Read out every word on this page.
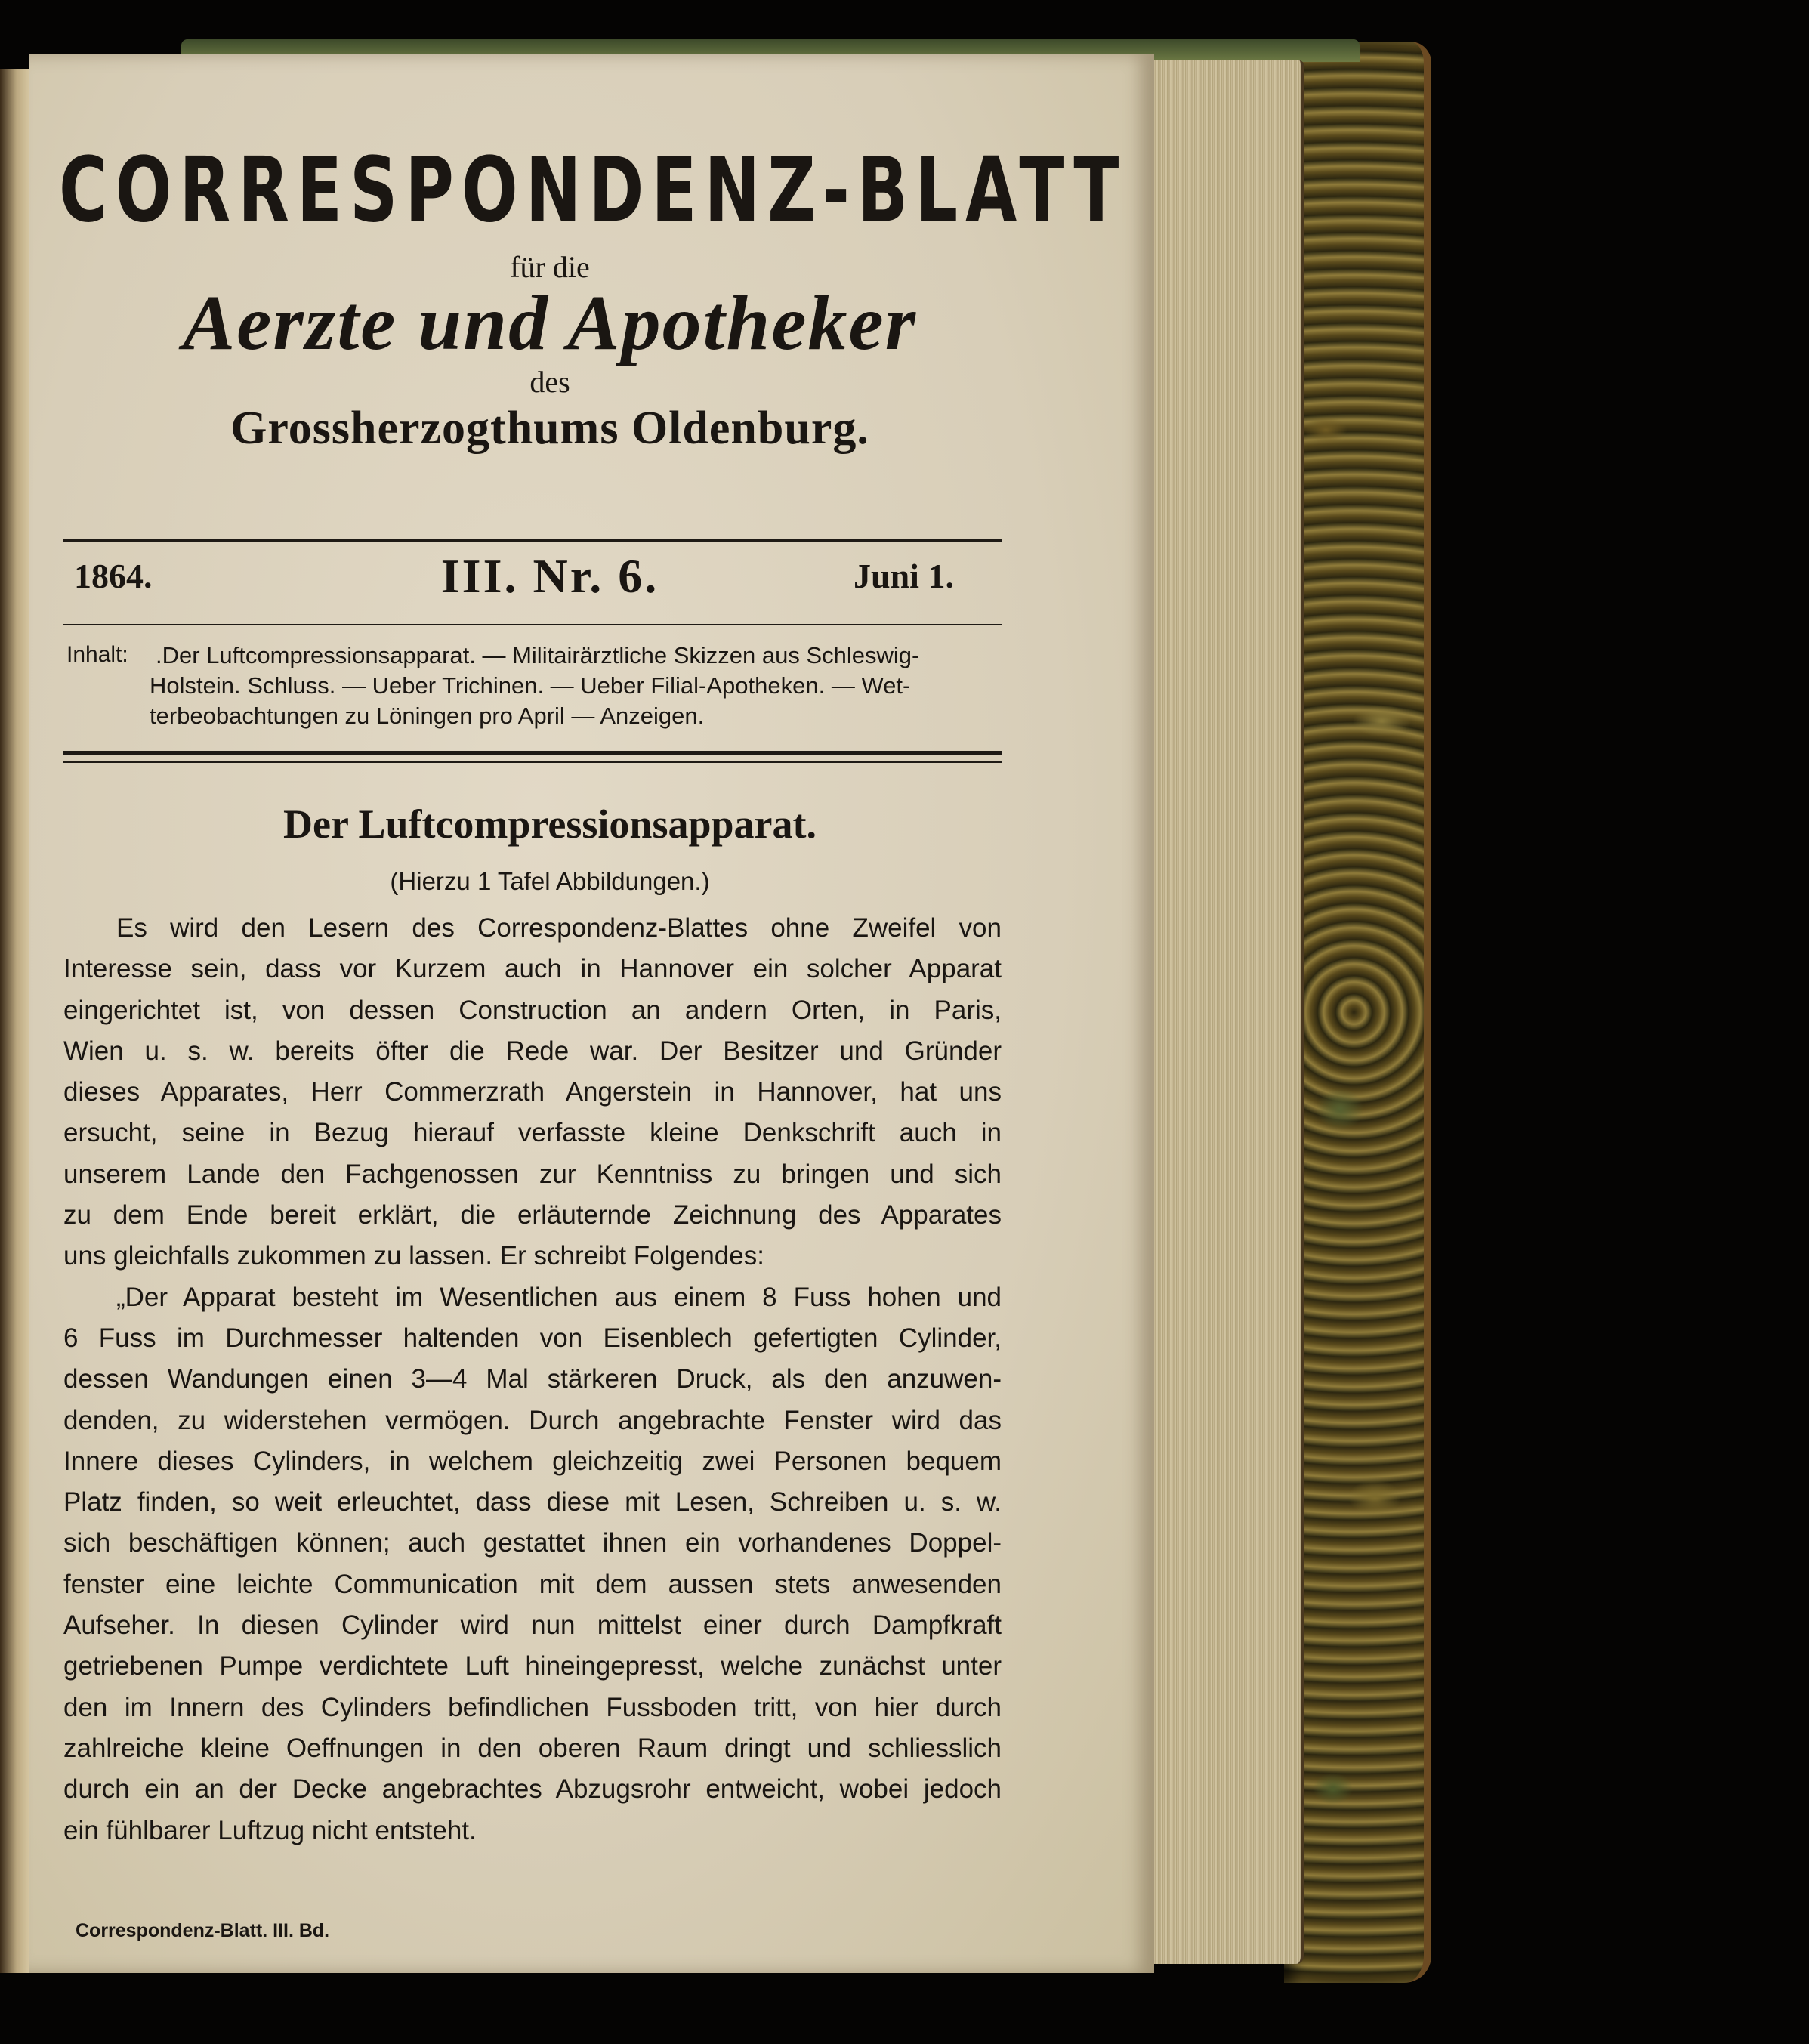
CORRESPONDENZ-BLATT

für die

Aerzte und Apotheker

des

Grossherzogthums Oldenburg.

1864.	III. Nr. 6.	Juni 1.

Inhalt: .Der Luftcompressionsapparat. — Militairärztliche Skizzen aus Schleswig-

Holstein. Schluss. — Ueber Trichinen. — Ueber Filial-Apotheken. — Wet-

terbeobachtungen zu Löningen pro April — Anzeigen.

Der Luftcompressionsapparat.

(Hierzu 1 Tafel Abbildungen.)

Es wird den Lesern des Correspondenz-Blattes ohne Zweifel von
Interesse sein, dass vor Kurzem auch in Hannover ein solcher Apparat
eingerichtet ist, von dessen Construction an andern Orten, in Paris,
Wien u. s. w. bereits öfter die Rede war. Der Besitzer und Gründer
dieses Apparates, Herr Commerzrath Angerstein in Hannover, hat uns
ersucht, seine in Bezug hierauf verfasste kleine Denkschrift auch in
unserem Lande den Fachgenossen zur Kenntniss zu bringen und sich
zu dem Ende bereit erklärt, die erläuternde Zeichnung des Apparates
uns gleichfalls zukommen zu lassen. Er schreibt Folgendes:
„Der Apparat besteht im Wesentlichen aus einem 8 Fuss hohen und
6 Fuss im Durchmesser haltenden von Eisenblech gefertigten Cylinder,
dessen Wandungen einen 3—4 Mal stärkeren Druck, als den anzuwen-
denden, zu widerstehen vermögen. Durch angebrachte Fenster wird das
Innere dieses Cylinders, in welchem gleichzeitig zwei Personen bequem
Platz finden, so weit erleuchtet, dass diese mit Lesen, Schreiben u. s. w.
sich beschäftigen können; auch gestattet ihnen ein vorhandenes Doppel-
fenster eine leichte Communication mit dem aussen stets anwesenden
Aufseher. In diesen Cylinder wird nun mittelst einer durch Dampfkraft
getriebenen Pumpe verdichtete Luft hineingepresst, welche zunächst unter
den im Innern des Cylinders befindlichen Fussboden tritt, von hier durch
zahlreiche kleine Oeffnungen in den oberen Raum dringt und schliesslich
durch ein an der Decke angebrachtes Abzugsrohr entweicht, wobei jedoch
ein fühlbarer Luftzug nicht entsteht.

Correspondenz-Blatt. III. Bd.
